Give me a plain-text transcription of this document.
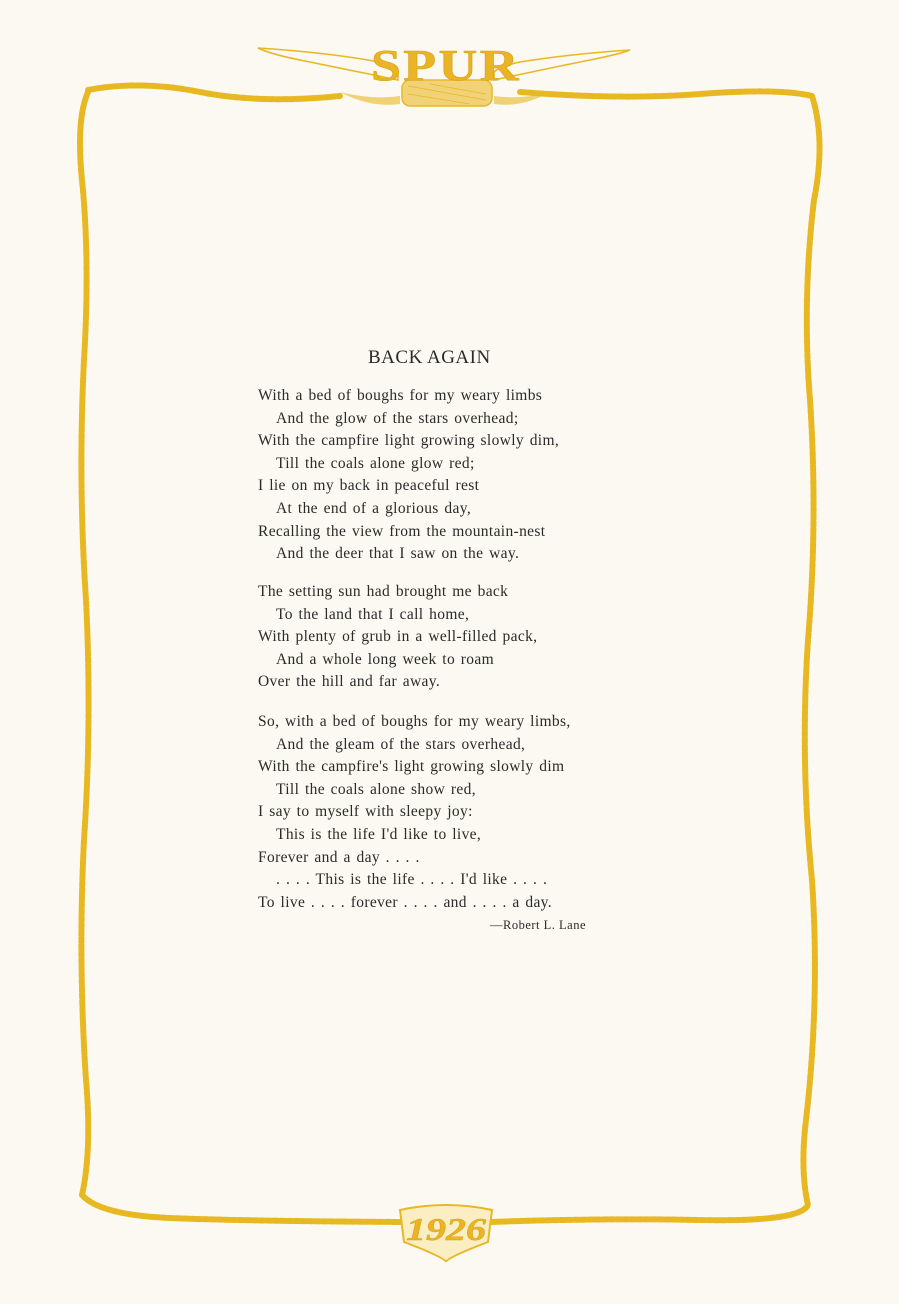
SPUR
1926
BACK AGAIN
With a bed of boughs for my weary limbs
And the glow of the stars overhead;
With the campfire light growing slowly dim,
Till the coals alone glow red;
I lie on my back in peaceful rest
At the end of a glorious day,
Recalling the view from the mountain-nest
And the deer that I saw on the way.
The setting sun had brought me back
To the land that I call home,
With plenty of grub in a well-filled pack,
And a whole long week to roam
Over the hill and far away.
So, with a bed of boughs for my weary limbs,
And the gleam of the stars overhead,
With the campfire's light growing slowly dim
Till the coals alone show red,
I say to myself with sleepy joy:
This is the life I'd like to live,
Forever and a day . . . .
. . . . This is the life . . . . I'd like . . . .
To live . . . . forever . . . . and . . . . a day.
—Robert L. Lane
